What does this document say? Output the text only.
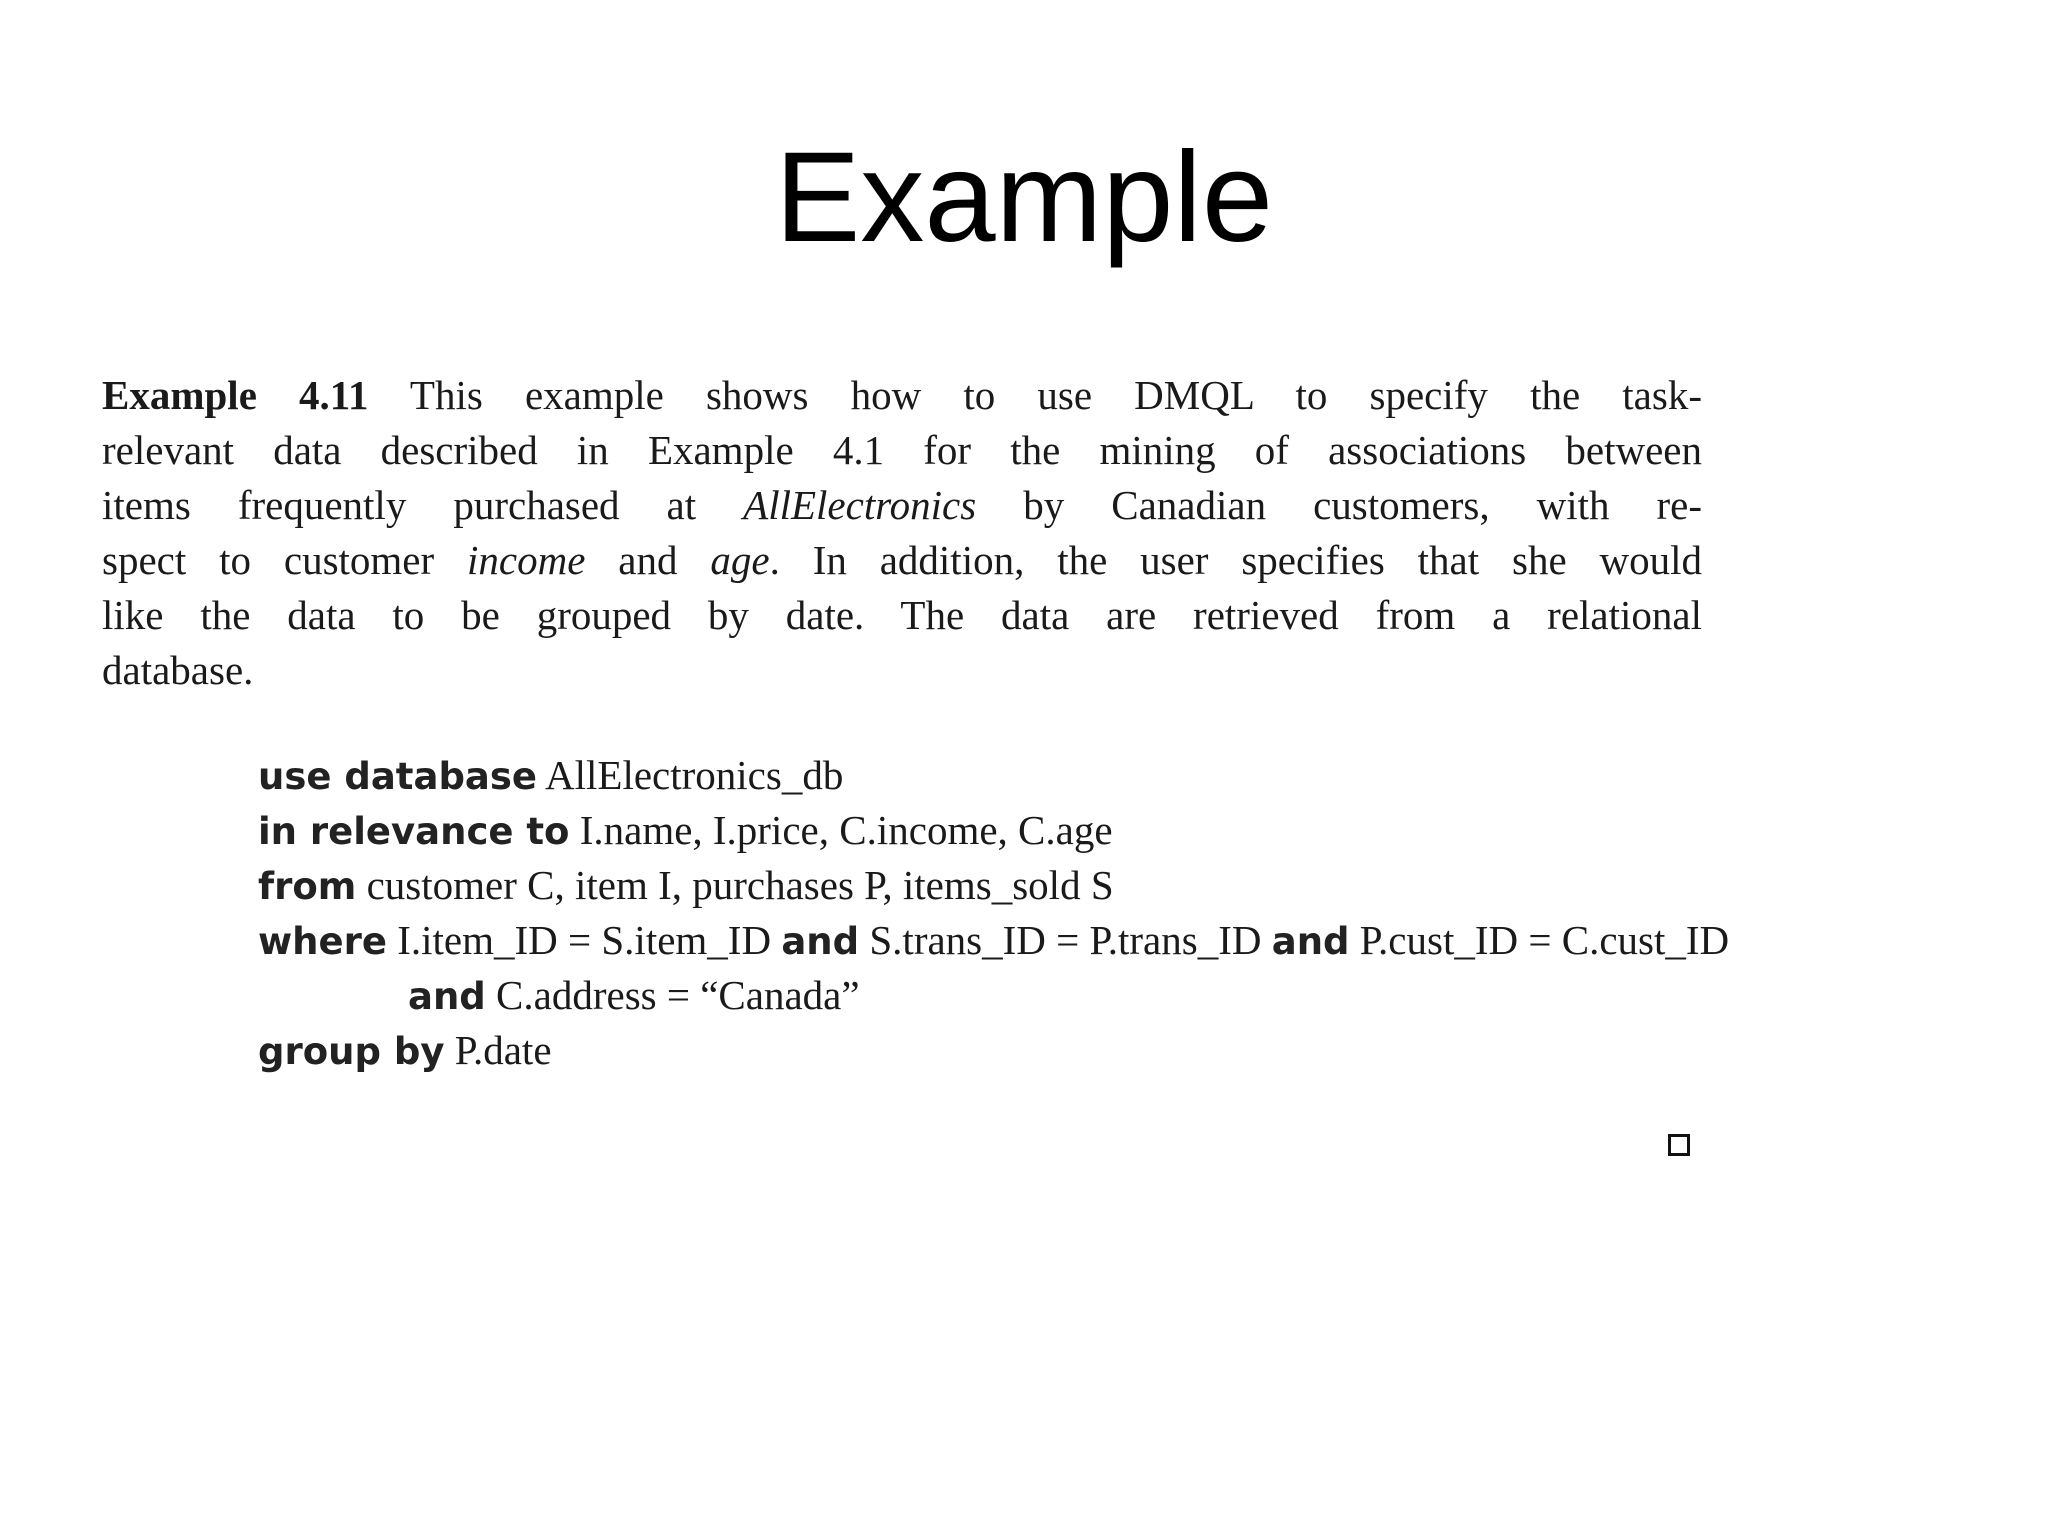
Example
Example 4.11 This example shows how to use DMQL to specify the task-
relevant data described in Example 4.1 for the mining of associations between
items frequently purchased at AllElectronics by Canadian customers, with re-
spect to customer income and age. In addition, the user specifies that she would
like the data to be grouped by date. The data are retrieved from a relational
database.
use database AllElectronics_db
in relevance to I.name, I.price, C.income, C.age
from customer C, item I, purchases P, items_sold S
where I.item_ID = S.item_ID and S.trans_ID = P.trans_ID and P.cust_ID = C.cust_ID
and C.address = “Canada”
group by P.date
